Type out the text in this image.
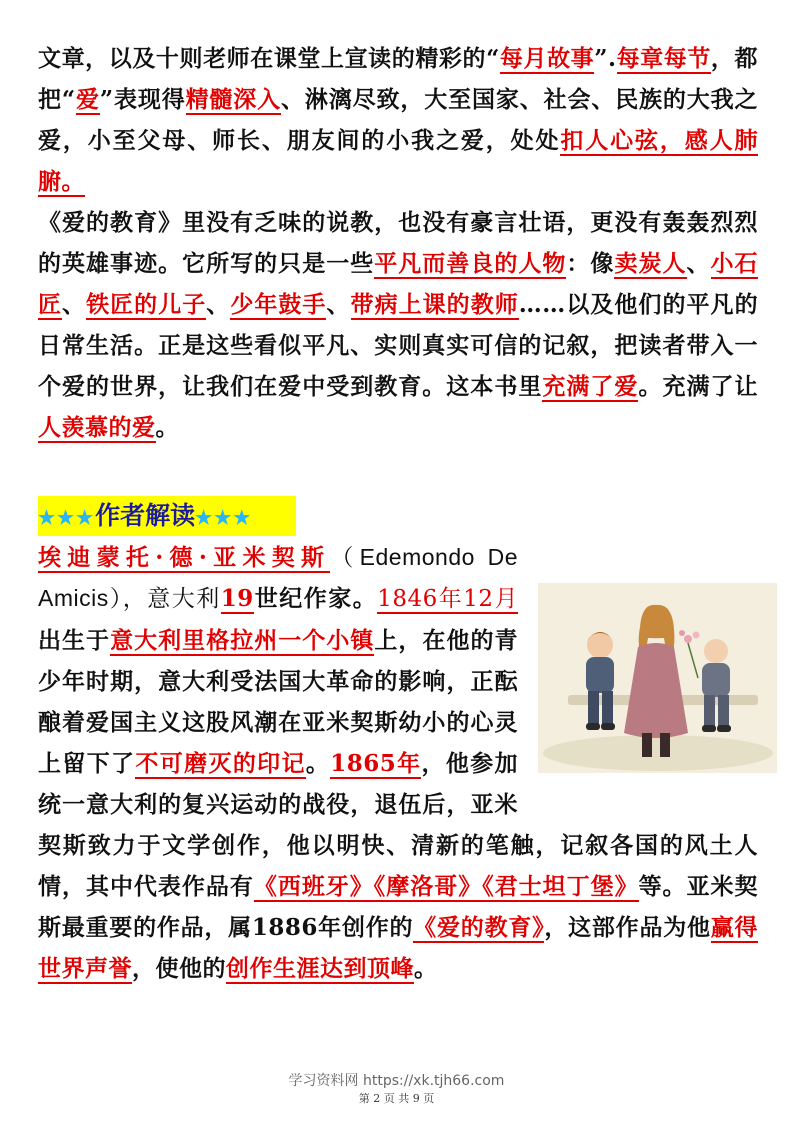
文章，以及十则老师在课堂上宣读的精彩的“每月故事”.每章每节，都把“爱”表现得精髓深入、淋漓尽致，大至国家、社会、民族的大我之爱，小至父母、师长、朋友间的小我之爱，处处扣人心弦，感人肺腑。
《爱的教育》里没有乏味的说教，也没有豪言壮语，更没有轰轰烈烈的英雄事迹。它所写的只是一些平凡而善良的人物：像卖炭人、小石匠、铁匠的儿子、少年鼓手、带病上课的教师……以及他们的平凡的日常生活。正是这些看似平凡、实则真实可信的记叙，把读者带入一个爱的世界，让我们在爱中受到教育。这本书里充满了爱。充满了让人羡慕的爱。
★★★作者解读★★★
埃迪蒙托·德·亚米契斯（Edemondo De Amicis），意大利19世纪作家。1846年12月出生于意大利里格拉州一个小镇上，在他的青少年时期，意大利受法国大革命的影响，正酝酿着爱国主义这股风潮在亚米契斯幼小的心灵上留下了不可磨灭的印记。1865年，他参加统一意大利的复兴运动的战役，退伍后，亚米契斯致力于文学创作，他以明快、清新的笔触，记叙各国的风土人情，其中代表作品有《西班牙》《摩洛哥》《君士坦丁堡》等。亚米契斯最重要的作品，属1886年创作的《爱的教育》，这部作品为他赢得世界声誉，使他的创作生涯达到顶峰。
学习资料网 https://xk.tjh66.com
第 2 页 共 9 页
